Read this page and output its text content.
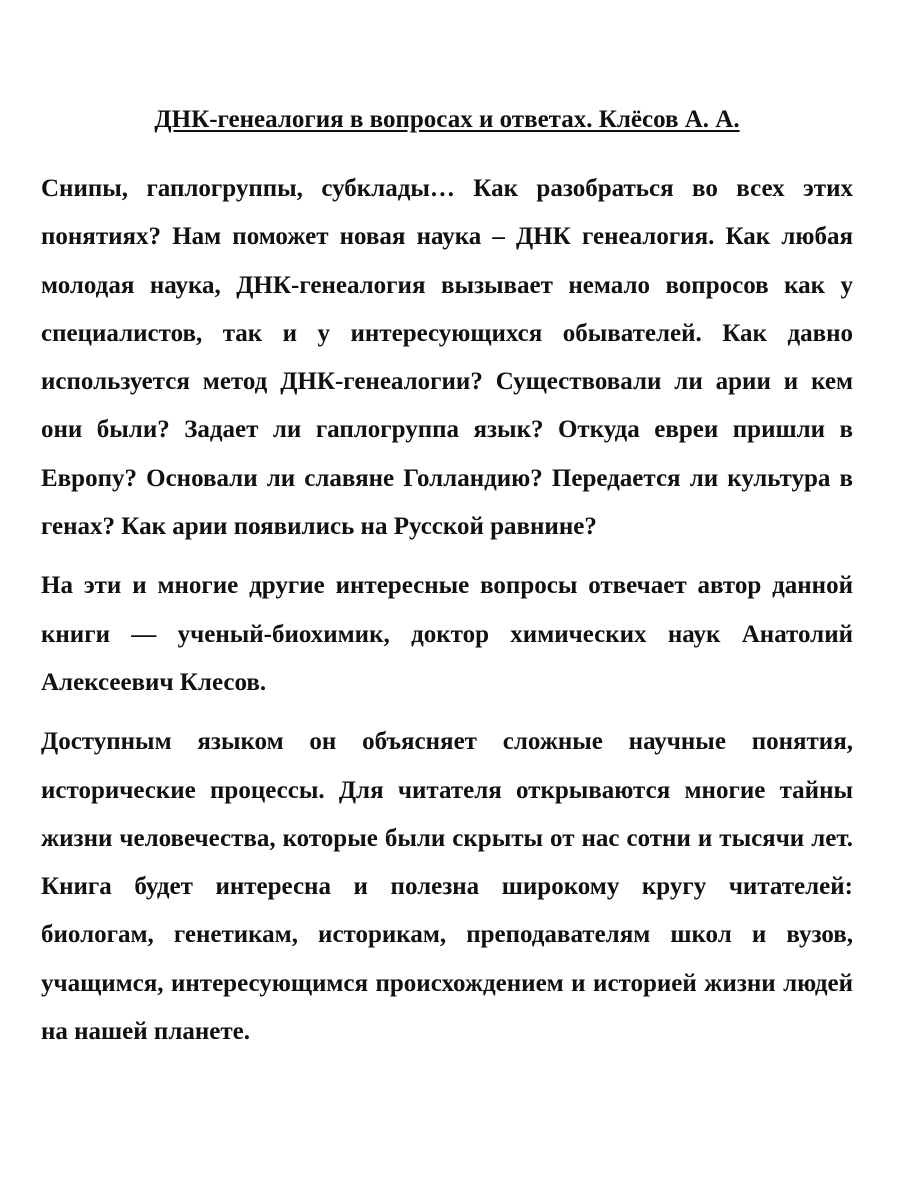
ДНК-генеалогия в вопросах и ответах. Клёсов А. А.

Снипы, гаплогруппы, субклады… Как разобраться во всех этих понятиях? Нам поможет новая наука – ДНК генеалогия. Как любая молодая наука, ДНК-генеалогия вызывает немало вопросов как у специалистов, так и у интересующихся обывателей. Как давно используется метод ДНК-генеалогии? Существовали ли арии и кем они были? Задает ли гаплогруппа язык? Откуда евреи пришли в Европу? Основали ли славяне Голландию? Передается ли культура в генах? Как арии появились на Русской равнине?

На эти и многие другие интересные вопросы отвечает автор данной книги — ученый-биохимик, доктор химических наук Анатолий Алексеевич Клесов.

Доступным языком он объясняет сложные научные понятия, исторические процессы. Для читателя открываются многие тайны жизни человечества, которые были скрыты от нас сотни и тысячи лет. Книга будет интересна и полезна широкому кругу читателей: биологам, генетикам, историкам, преподавателям школ и вузов, учащимся, интересующимся происхождением и историей жизни людей на нашей планете.
